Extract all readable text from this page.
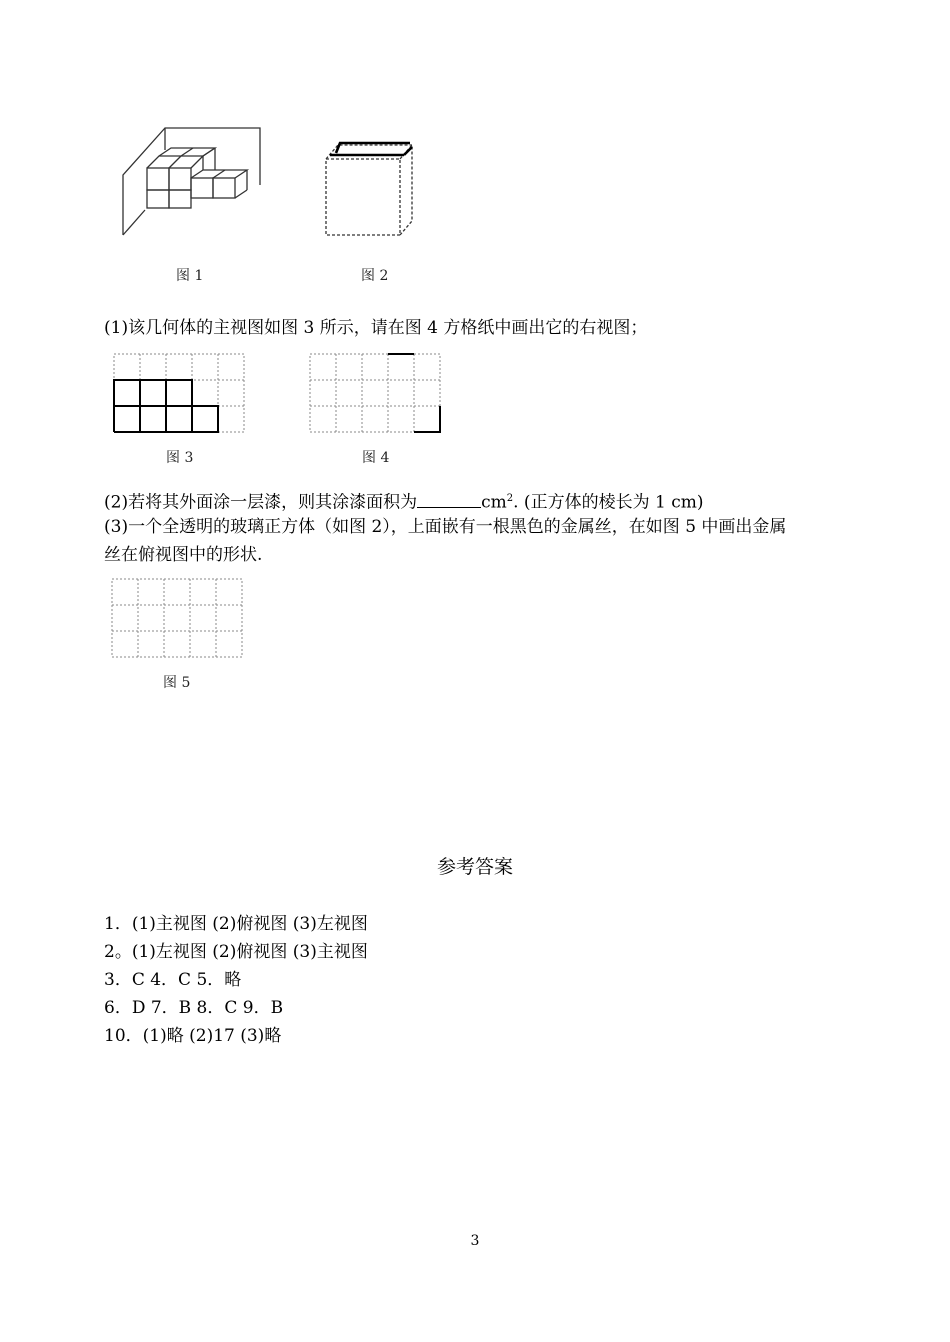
图 1	图 2
(1)该几何体的主视图如图 3 所示，请在图 4 方格纸中画出它的右视图；
图 3	图 4
(2)若将其外面涂一层漆，则其涂漆面积为	$cm^2$. (正方体的棱长为 1 cm)
(3)一个全透明的玻璃正方体（如图 2），上面嵌有一根黑色的金属丝，在如图 5 中画出金属
丝在俯视图中的形状.
图 5
参考答案
1．(1)主视图 (2)俯视图 (3)左视图
2。(1)左视图 (2)俯视图 (3)主视图
3．C 4．C 5．略
6．D 7．B 8．C 9．B
10．(1)略 (2)17 (3)略
3
